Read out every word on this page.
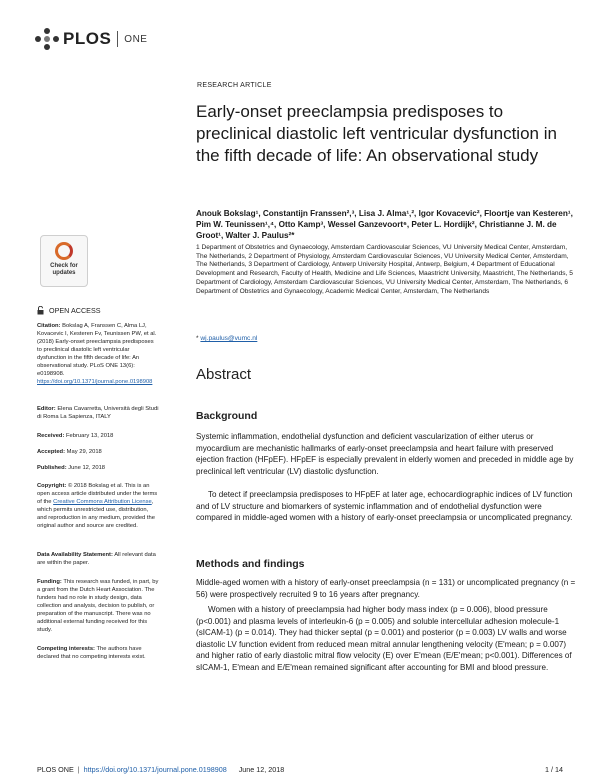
PLOS ONE
RESEARCH ARTICLE
Early-onset preeclampsia predisposes to preclinical diastolic left ventricular dysfunction in the fifth decade of life: An observational study
Anouk Bokslag¹, Constantijn Franssen²,³, Lisa J. Alma¹,², Igor Kovacevic², Floortje van Kesteren¹, Pim W. Teunissen¹,⁴, Otto Kamp³, Wessel Ganzevoort⁶, Peter L. Hordijk², Christianne J. M. de Groot¹, Walter J. Paulus²*
1 Department of Obstetrics and Gynaecology, Amsterdam Cardiovascular Sciences, VU University Medical Center, Amsterdam, The Netherlands, 2 Department of Physiology, Amsterdam Cardiovascular Sciences, VU University Medical Center, Amsterdam, The Netherlands, 3 Department of Cardiology, Antwerp University Hospital, Antwerp, Belgium, 4 Department of Educational Development and Research, Faculty of Health, Medicine and Life Sciences, Maastricht University, Maastricht, The Netherlands, 5 Department of Cardiology, Amsterdam Cardiovascular Sciences, VU University Medical Center, Amsterdam, The Netherlands, 6 Department of Obstetrics and Gynaecology, Academic Medical Center, Amsterdam, The Netherlands
* wj.paulus@vumc.nl
Abstract
Background

Systemic inflammation, endothelial dysfunction and deficient vascularization of either uterus or myocardium are mechanistic hallmarks of early-onset preeclampsia and heart failure with preserved ejection fraction (HFpEF). HFpEF is especially prevalent in elderly women and preceded in middle age by preclinical left ventricular (LV) diastolic dysfunction.

To detect if preeclampsia predisposes to HFpEF at later age, echocardiographic indices of LV function and of LV structure and biomarkers of systemic inflammation and of endothelial dysfunction were compared in middle-aged women with a history of early-onset preeclampsia or uncomplicated pregnancy.

Methods and findings

Middle-aged women with a history of early-onset preeclampsia (n = 131) or uncomplicated pregnancy (n = 56) were prospectively recruited 9 to 16 years after pregnancy.

Women with a history of preeclampsia had higher body mass index (p = 0.006), blood pressure (p<0.001) and plasma levels of interleukin-6 (p = 0.005) and soluble intercellular adhesion molecule-1 (sICAM-1) (p = 0.014). They had thicker septal (p = 0.001) and posterior (p = 0.003) LV walls and worse diastolic LV function evident from reduced mean mitral annular lengthening velocity (E'mean; p = 0.007) and higher ratio of early diastolic mitral flow velocity (E) over E'mean (E/E'mean; p<0.001). Differences of sICAM-1, E'mean and E/E'mean remained significant after accounting for BMI and blood pressure.

Check for updates
OPEN ACCESS
Citation: Bokslag A, Franssen C, Alma LJ, Kovacevic I, Kesteren Fv, Teunissen PW, et al. (2018) Early-onset preeclampsia predisposes to preclinical diastolic left ventricular dysfunction in the fifth decade of life: An observational study. PLoS ONE 13(6): e0198908. https://doi.org/10.1371/journal.pone.0198908
Editor: Elena Cavarretta, Università degli Studi di Roma La Sapienza, ITALY
Received: February 13, 2018
Accepted: May 29, 2018
Published: June 12, 2018
Copyright: © 2018 Bokslag et al. This is an open access article distributed under the terms of the Creative Commons Attribution License, which permits unrestricted use, distribution, and reproduction in any medium, provided the original author and source are credited.
Data Availability Statement: All relevant data are within the paper.
Funding: This research was funded, in part, by a grant from the Dutch Heart Association. The funders had no role in study design, data collection and analysis, decision to publish, or preparation of the manuscript. There was no additional external funding received for this study.
Competing interests: The authors have declared that no competing interests exist.
PLOS ONE | https://doi.org/10.1371/journal.pone.0198908 June 12, 2018	1 / 14
